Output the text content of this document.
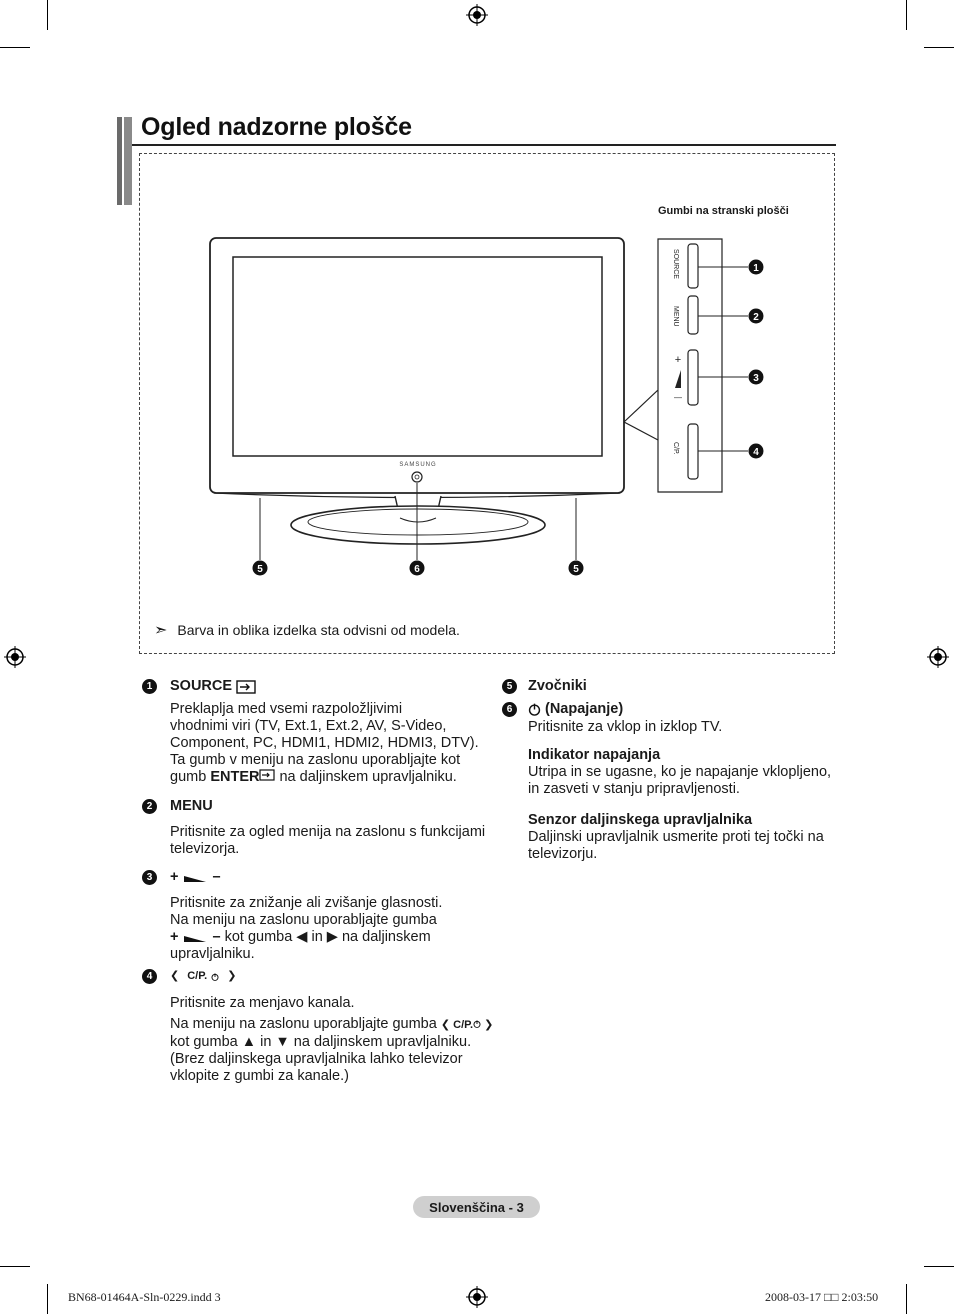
Ogled nadzorne plošče
Gumbi na stranski plošči
SAMSUNG
SOURCE
MENU
+
—
C/P.
1
2
3
4
5	6	5
➣ Barva in oblika izdelka sta odvisni od modela.
1	SOURCE
Preklaplja med vsemi razpoložljivimi
vhodnimi viri (TV, Ext.1, Ext.2, AV, S-Video,
Component, PC, HDMI1, HDMI2, HDMI3, DTV).
Ta gumb v meniju na zaslonu uporabljajte kot
gumb ENTER na daljinskem upravljalniku.
2	MENU
Pritisnite za ogled menija na zaslonu s funkcijami
televizorja.
3	+ –
Pritisnite za znižanje ali zvišanje glasnosti.
Na meniju na zaslonu uporabljajte gumba
+ – kot gumba ◀ in ▶ na daljinskem
upravljalniku.
4	❮ C/P. ❯
Pritisnite za menjavo kanala.
Na meniju na zaslonu uporabljajte gumba ❮ C/P. ❯
kot gumba ▲ in ▼ na daljinskem upravljalniku.
(Brez daljinskega upravljalnika lahko televizor
vklopite z gumbi za kanale.)
5	Zvočniki
6	(Napajanje)
Pritisnite za vklop in izklop TV.
Indikator napajanja
Utripa in se ugasne, ko je napajanje vklopljeno,
in zasveti v stanju pripravljenosti.
Senzor daljinskega upravljalnika
Daljinski upravljalnik usmerite proti tej točki na
televizorju.
Slovenščina - 3
BN68-01464A-Sln-0229.indd 3	2008-03-17 □□ 2:03:50
